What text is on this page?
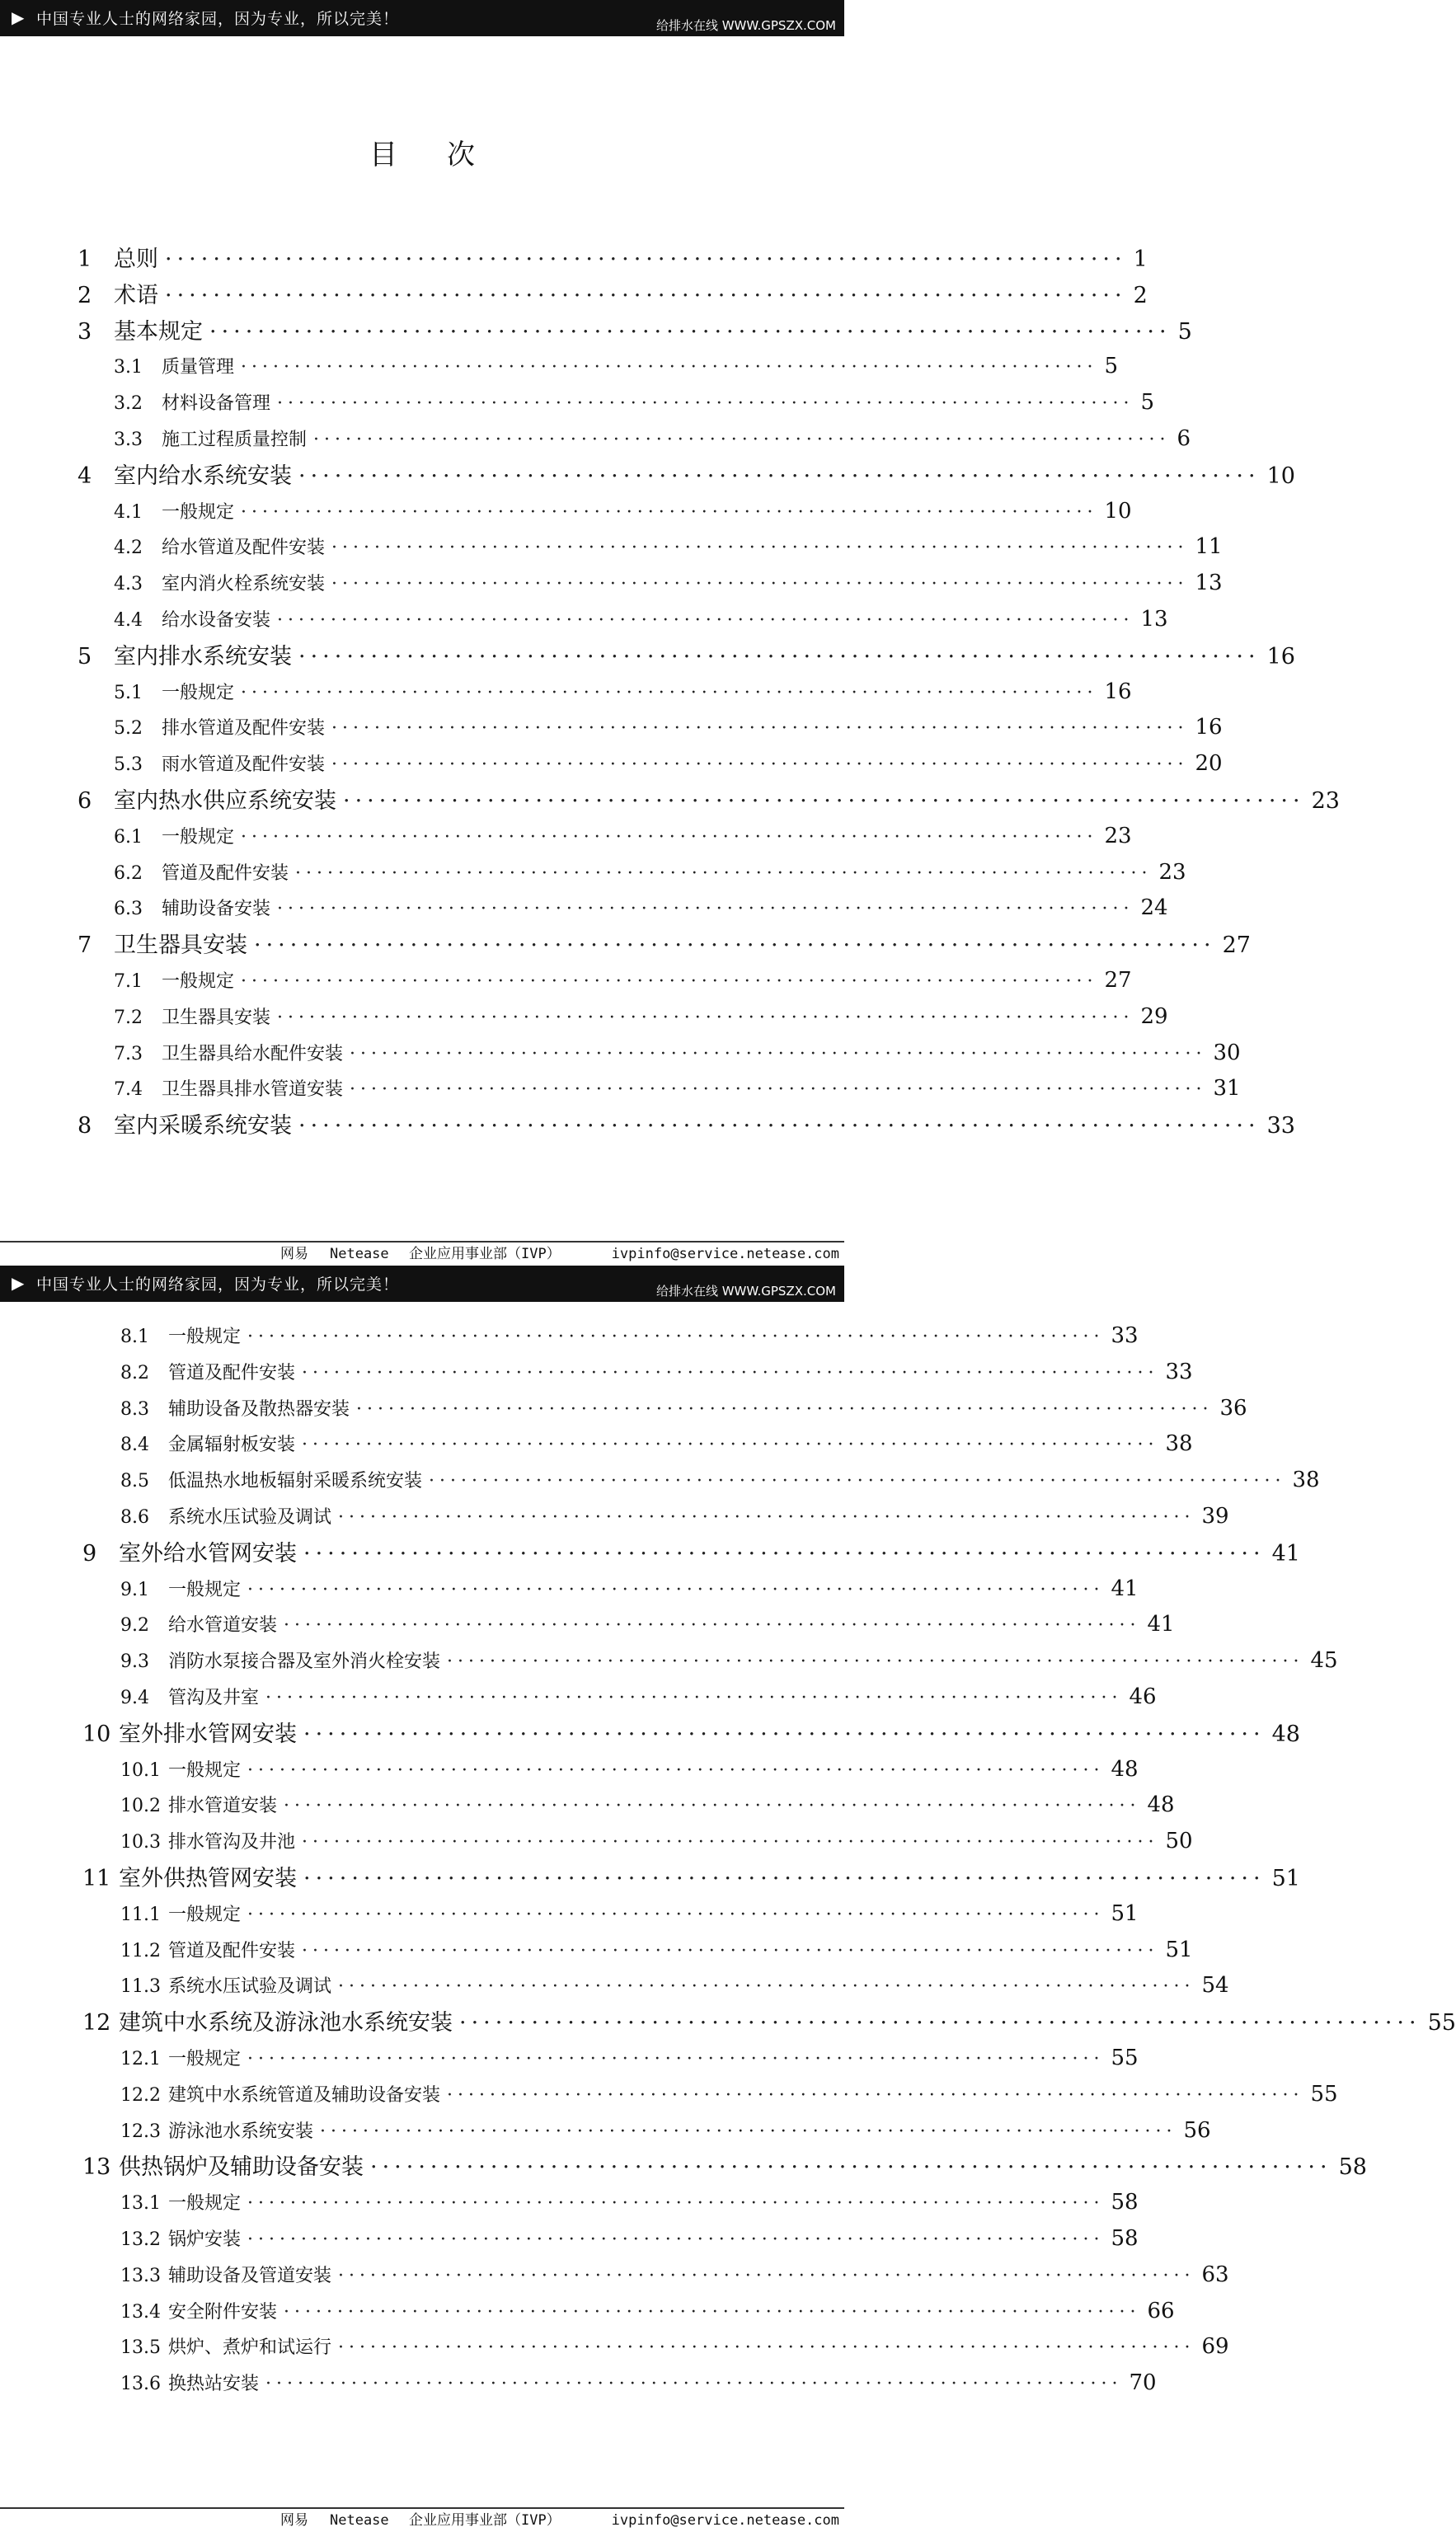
▶ 中国专业人士的网络家园，因为专业，所以完美！	给排水在线 WWW.GPSZX.COM
目次
1 总则 ················································································ 1
2 术语 ················································································ 2
3 基本规定 ················································································ 5
3.1	质量管理 ················································································ 5
3.2	材料设备管理 ················································································ 5
3.3	施工过程质量控制 ················································································ 6
4 室内给水系统安装 ················································································ 10
4.1	一般规定 ················································································ 10
4.2	给水管道及配件安装 ················································································ 11
4.3	室内消火栓系统安装 ················································································ 13
4.4	给水设备安装 ················································································ 13
5 室内排水系统安装 ················································································ 16
5.1	一般规定 ················································································ 16
5.2	排水管道及配件安装 ················································································ 16
5.3	雨水管道及配件安装 ················································································ 20
6 室内热水供应系统安装 ················································································ 23
6.1	一般规定 ················································································ 23
6.2	管道及配件安装 ················································································ 23
6.3	辅助设备安装 ················································································ 24
7 卫生器具安装 ················································································ 27
7.1	一般规定 ················································································ 27
7.2	卫生器具安装 ················································································ 29
7.3	卫生器具给水配件安装 ················································································ 30
7.4	卫生器具排水管道安装 ················································································ 31
8 室内采暖系统安装 ················································································ 33
网易 Netease 企业应用事业部（IVP）	ivpinfo@service.netease.com
▶ 中国专业人士的网络家园，因为专业，所以完美！	给排水在线 WWW.GPSZX.COM
8.1	一般规定 ················································································ 33
8.2	管道及配件安装 ················································································ 33
8.3	辅助设备及散热器安装 ················································································ 36
8.4	金属辐射板安装 ················································································ 38
8.5	低温热水地板辐射采暖系统安装 ················································································ 38
8.6	系统水压试验及调试 ················································································ 39
9 室外给水管网安装 ················································································ 41
9.1	一般规定 ················································································ 41
9.2	给水管道安装 ················································································ 41
9.3	消防水泵接合器及室外消火栓安装 ················································································ 45
9.4	管沟及井室 ················································································ 46
10 室外排水管网安装 ················································································ 48
10.1 一般规定 ················································································ 48
10.2 排水管道安装 ················································································ 48
10.3 排水管沟及井池 ················································································ 50
11 室外供热管网安装 ················································································ 51
11.1 一般规定 ················································································ 51
11.2 管道及配件安装 ················································································ 51
11.3 系统水压试验及调试 ················································································ 54
12 建筑中水系统及游泳池水系统安装 ················································································ 55
12.1 一般规定 ················································································ 55
12.2 建筑中水系统管道及辅助设备安装 ················································································ 55
12.3 游泳池水系统安装 ················································································ 56
13 供热锅炉及辅助设备安装 ················································································ 58
13.1 一般规定 ················································································ 58
13.2 锅炉安装 ················································································ 58
13.3 辅助设备及管道安装 ················································································ 63
13.4 安全附件安装 ················································································ 66
13.5 烘炉、煮炉和试运行 ················································································ 69
13.6 换热站安装 ················································································ 70
网易 Netease 企业应用事业部（IVP）	ivpinfo@service.netease.com
